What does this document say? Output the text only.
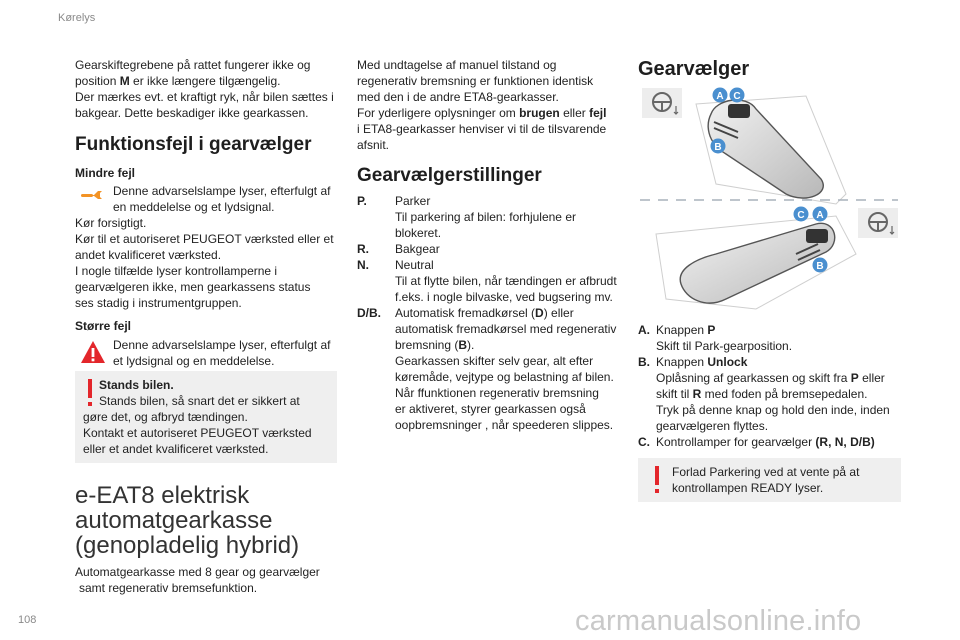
Kørelys
108	carmanualsonline.info

Gearskiftegrebene på rattet fungerer ikke og

position M er ikke længere tilgængelig.

Der mærkes evt. et kraftigt ryk, når bilen sættes i

bakgear. Dette beskadiger ikke gearkassen.

Funktionsfejl i gearvælger
Mindre fejl

Denne advarselslampe lyser, efterfulgt af

en meddelelse og et lydsignal.

Kør forsigtigt.

Kør til et autoriseret PEUGEOT værksted eller et

andet kvalificeret værksted.

I nogle tilfælde lyser kontrollamperne i

gearvælgeren ikke, men gearkassens status

ses stadig i instrumentgruppen.

Større fejl

Denne advarselslampe lyser, efterfulgt af

et lydsignal og en meddelelse.

Stands bilen.

Stands bilen, så snart det er sikkert at

gøre det, og afbryd tændingen.

Kontakt et autoriseret PEUGEOT værksted

eller et andet kvalificeret værksted.

e-EAT8 elektrisk

automatgearkasse

(genopladelig hybrid)

Automatgearkasse med 8 gear og gearvælger

samt regenerativ bremsefunktion.

Med undtagelse af manuel tilstand og

regenerativ bremsning er funktionen identisk

med den i de andre ETA8-gearkasser.

For yderligere oplysninger om brugen eller fejl

i ETA8-gearkasser henviser vi til de tilsvarende

afsnit.

Gearvælgerstillinger
P. Parker

Til parkering af bilen: forhjulene er

blokeret.

R. Bakgear

N. Neutral

Til at flytte bilen, når tændingen er afbrudt

f.eks. i nogle bilvaske, ved bugsering mv.

D/B. Automatisk fremadkørsel (D) eller

automatisk fremadkørsel med regenerativ

bremsning (B).

Gearkassen skifter selv gear, alt efter

køremåde, vejtype og belastning af bilen.

Når ffunktionen regenerativ bremsning

er aktiveret, styrer gearkassen også

oopbremsninger , når speederen slippes.

Gearvælger
A C
B
C A
B
A. Knappen P

Skift til Park-gearposition.

B. Knappen Unlock

Oplåsning af gearkassen og skift fra P eller

skift til R med foden på bremsepedalen.

Tryk på denne knap og hold den inde, inden

gearvælgeren flyttes.

C. Kontrollamper for gearvælger (R, N, D/B)

Forlad Parkering ved at vente på at

kontrollampen READY lyser.
